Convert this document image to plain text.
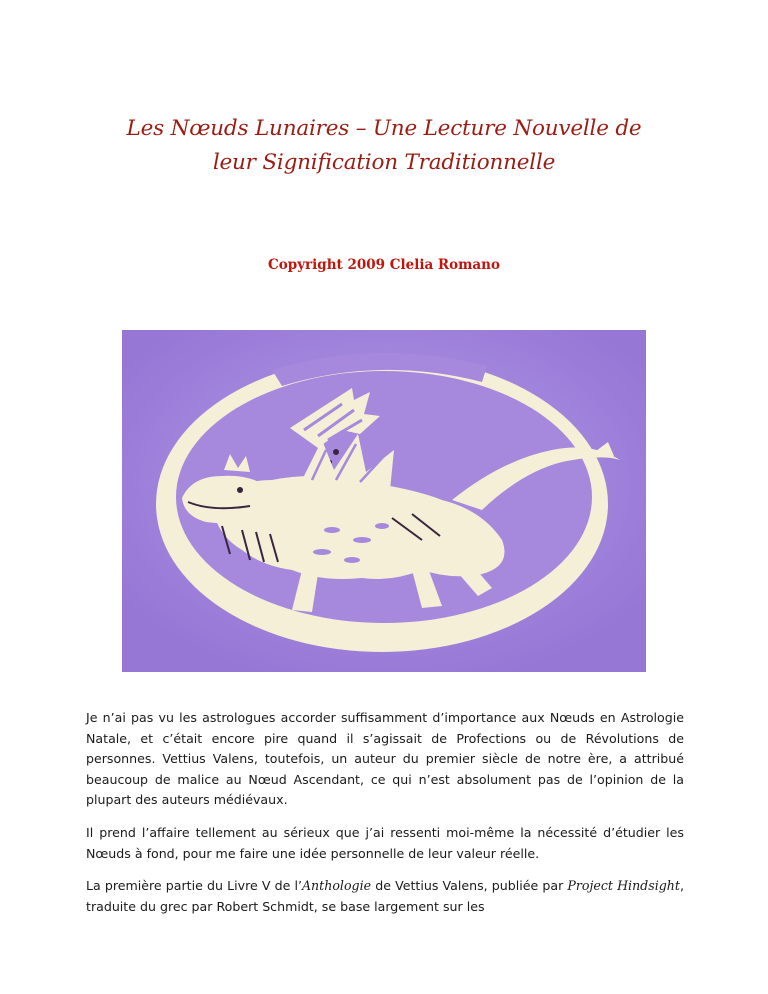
Les Nœuds Lunaires – Une Lecture Nouvelle de
leur Signification Traditionnelle
Copyright 2009 Clelia Romano

Je n’ai pas vu les astrologues accorder suffisamment d’importance aux Nœuds en Astrologie Natale, et c’était encore pire quand il s’agissait de Profections ou de Révolutions de personnes. Vettius Valens, toutefois, un auteur du premier siècle de notre ère, a attribué beaucoup de malice au Nœud Ascendant, ce qui n’est absolument pas de l’opinion de la plupart des auteurs médiévaux.

Il prend l’affaire tellement au sérieux que j’ai ressenti moi-même la nécessité d’étudier les Nœuds à fond, pour me faire une idée personnelle de leur valeur réelle.

La première partie du Livre V de l’Anthologie de Vettius Valens, publiée par Project Hindsight, traduite du grec par Robert Schmidt, se base largement sur les
